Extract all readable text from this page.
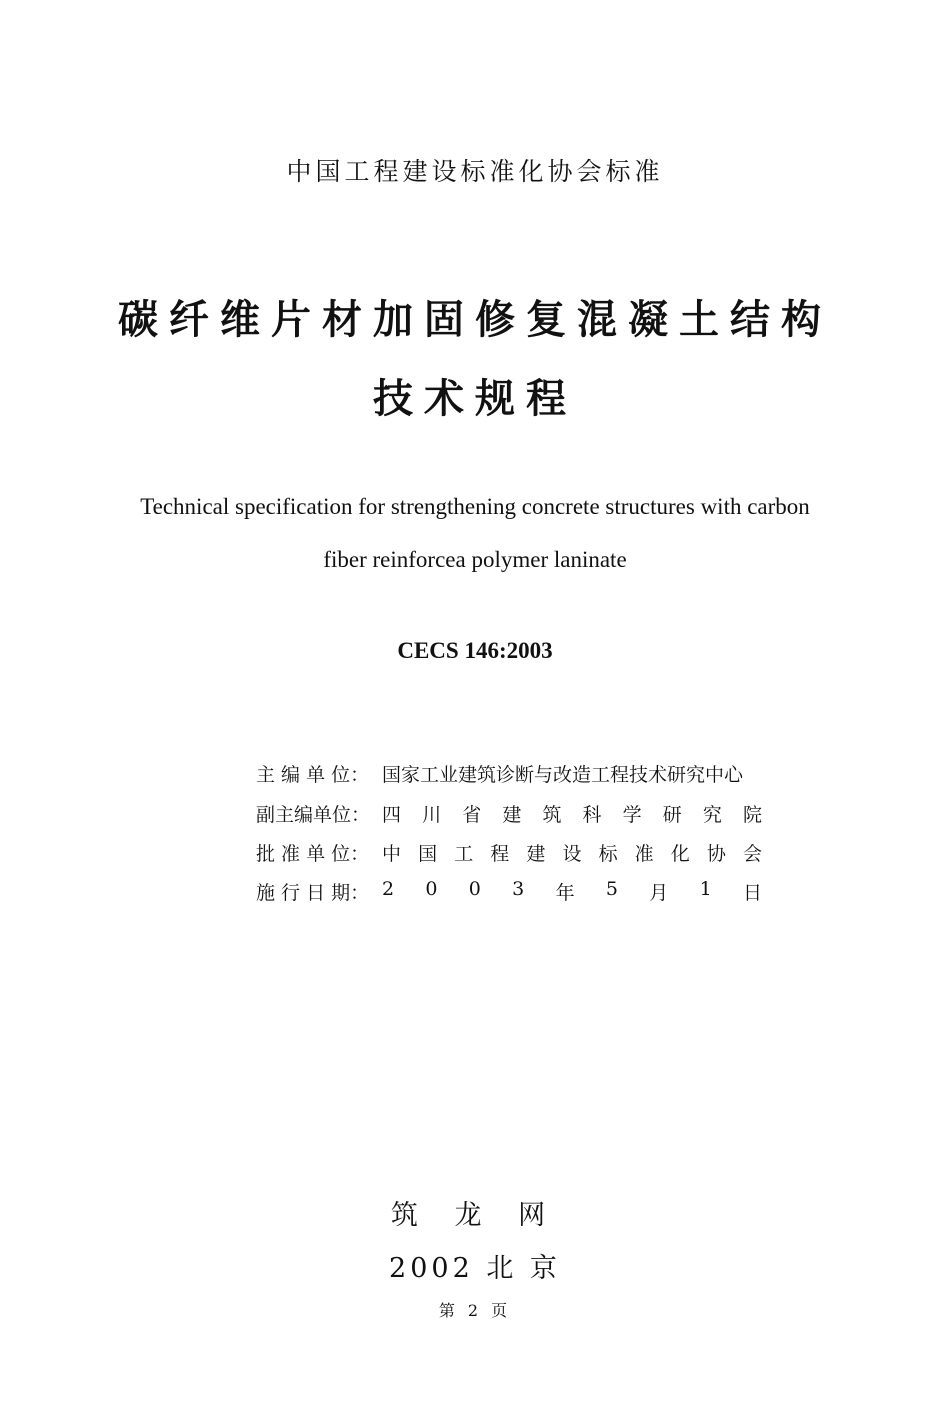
中国工程建设标准化协会标准
碳纤维片材加固修复混凝土结构
技术规程
Technical specification for strengthening concrete structures with carbon
fiber reinforcea polymer laninate
CECS 146:2003
主 编 单 位： 国家工业建筑诊断与改造工程技术研究中心
副主编单位： 四 川 省 建 筑 科 学 研 究 院
批 准 单 位： 中 国 工 程 建 设 标 准 化 协 会
施 行 日 期： 2 0 0 3 年 5 月 1 日
筑 龙 网
2002 北 京
第 2 页
